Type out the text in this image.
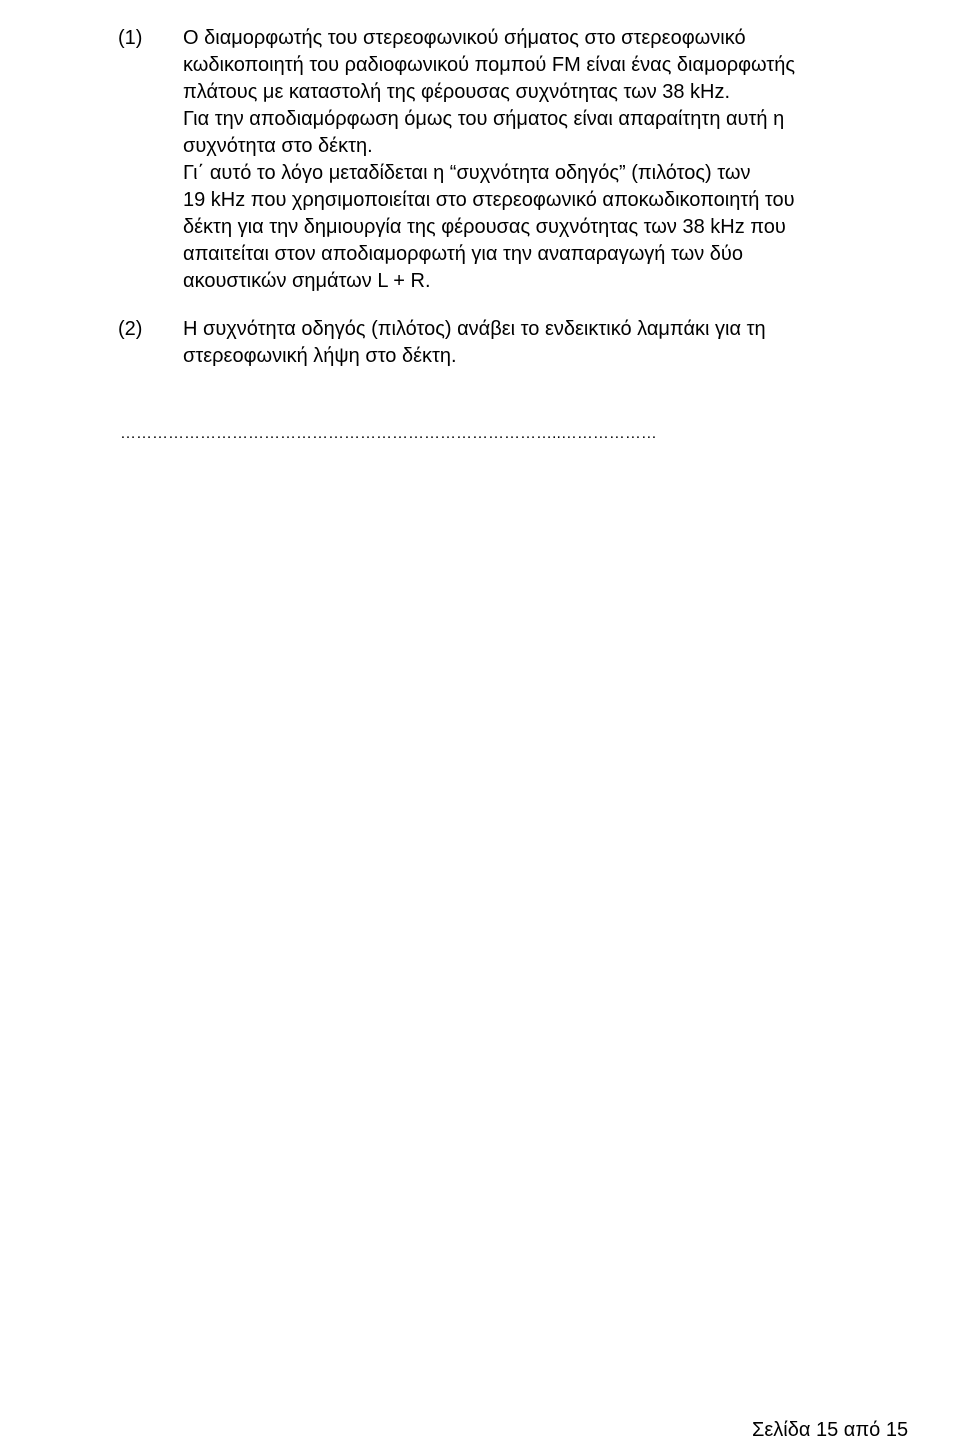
(1) Ο διαμορφωτής του στερεοφωνικού σήματος στο στερεοφωνικό
κωδικοποιητή του ραδιοφωνικού πομπού FM είναι ένας διαμορφωτής
πλάτους με καταστολή της φέρουσας συχνότητας των 38 kHz.
Για την αποδιαμόρφωση όμως του σήματος είναι απαραίτητη αυτή η
συχνότητα στο δέκτη.
Γι΄ αυτό το λόγο μεταδίδεται η “συχνότητα οδηγός” (πιλότος) των
19 kHz που χρησιμοποιείται στο στερεοφωνικό αποκωδικοποιητή του
δέκτη για την δημιουργία της φέρουσας συχνότητας των 38 kHz που
απαιτείται στον αποδιαμορφωτή για την αναπαραγωγή των δύο
ακουστικών σημάτων L + R.
(2) Η συχνότητα οδηγός (πιλότος) ανάβει το ενδεικτικό λαμπάκι για τη
στερεοφωνική λήψη στο δέκτη.
………………………………………………………………………..………………
Σελίδα 15 από 15
